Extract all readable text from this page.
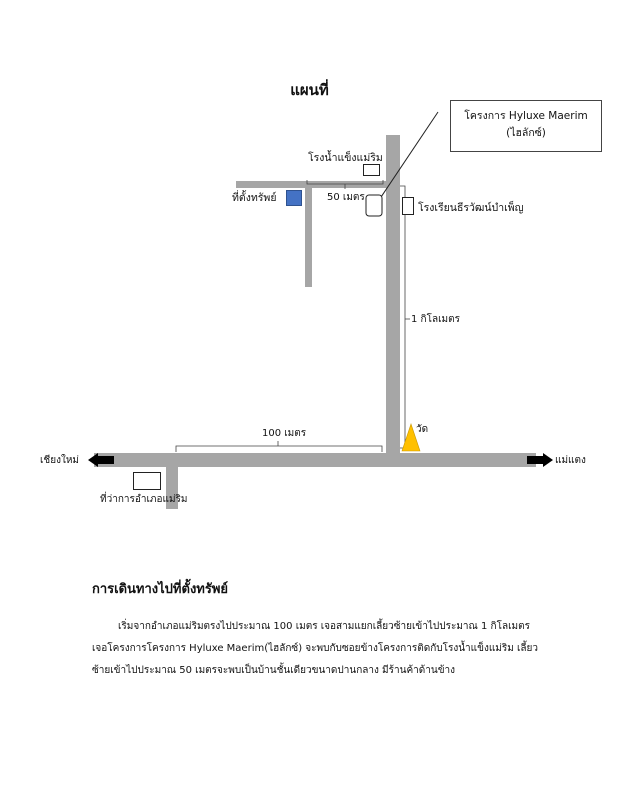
แผนที่
โครงการ Hyluxe Maerim
(ไฮลักซ์)
โรงน้ำแข็งแม่ริม
ที่ตั้งทรัพย์	50 เมตร
โรงเรียนธีรวัฒน์บำเพ็ญ
1 กิโลเมตร
วัด
100 เมตร
เชียงใหม่	แม่แตง
ที่ว่าการอำเภอแม่ริม
การเดินทางไปที่ตั้งทรัพย์
เริ่มจากอำเภอแม่ริมตรงไปประมาณ 100 เมตร เจอสามแยกเลี้ยวซ้ายเข้าไปประมาณ 1 กิโลเมตร เจอโครงการโครงการ Hyluxe Maerim(ไฮลักซ์) จะพบกับซอยข้างโครงการติดกับโรงน้ำแข็งแม่ริม เลี้ยวซ้ายเข้าไปประมาณ 50 เมตรจะพบเป็นบ้านชั้นเดียวขนาดปานกลาง มีร้านค้าด้านข้าง
